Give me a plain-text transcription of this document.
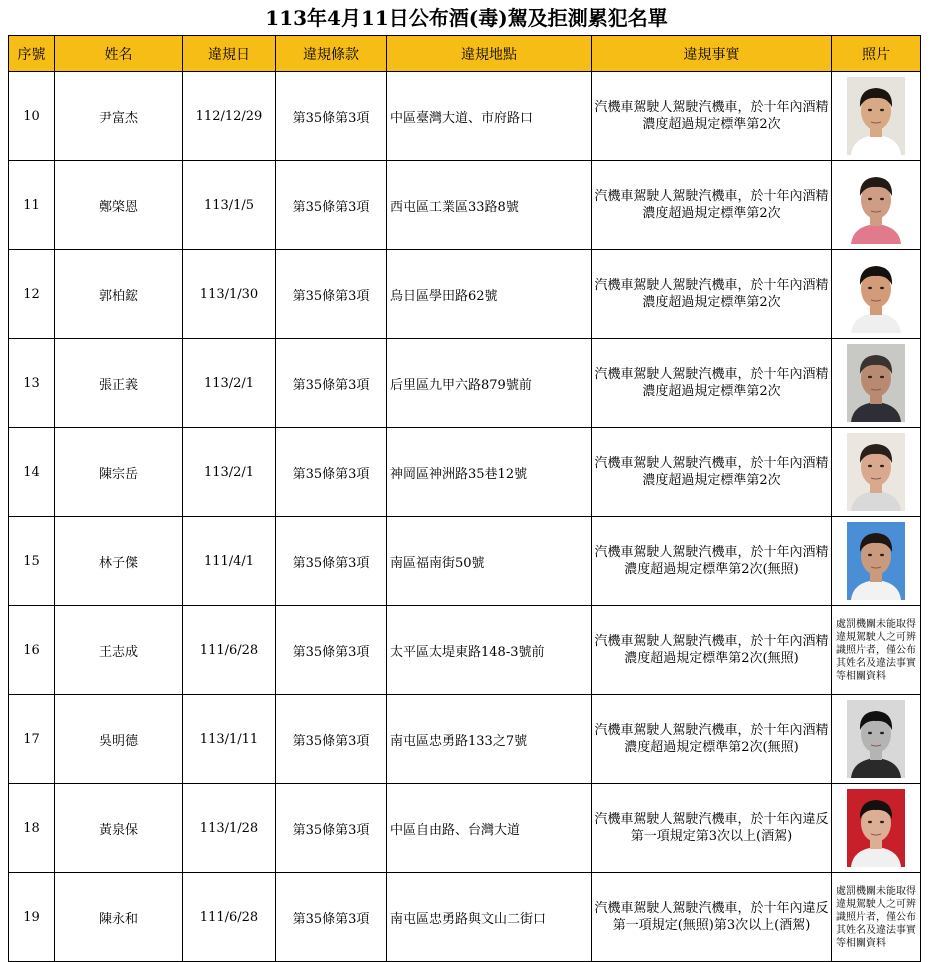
113年4月11日公布酒(毒)駕及拒測累犯名單
序號	姓名	違規日	違規條款	違規地點	違規事實	照片
10	尹富杰	112/12/29	第35條第3項	中區臺灣大道、市府路口	汽機車駕駛人駕駛汽機車，於十年內酒精濃度超過規定標準第2次	

11	鄭棨恩	113/1/5	第35條第3項	西屯區工業區33路8號	汽機車駕駛人駕駛汽機車，於十年內酒精濃度超過規定標準第2次	

12	郭柏鋐	113/1/30	第35條第3項	烏日區學田路62號	汽機車駕駛人駕駛汽機車，於十年內酒精濃度超過規定標準第2次	

13	張正義	113/2/1	第35條第3項	后里區九甲六路879號前	汽機車駕駛人駕駛汽機車，於十年內酒精濃度超過規定標準第2次	

14	陳宗岳	113/2/1	第35條第3項	神岡區神洲路35巷12號	汽機車駕駛人駕駛汽機車，於十年內酒精濃度超過規定標準第2次	

15	林子傑	111/4/1	第35條第3項	南區福南街50號	汽機車駕駛人駕駛汽機車，於十年內酒精濃度超過規定標準第2次(無照)	

16	王志成	111/6/28	第35條第3項	太平區太堤東路148-3號前	汽機車駕駛人駕駛汽機車，於十年內酒精濃度超過規定標準第2次(無照)	處罰機關未能取得違規駕駛人之可辨識照片者，僅公布 其姓名及違法事實等相關資料

17	吳明德	113/1/11	第35條第3項	南屯區忠勇路133之7號	汽機車駕駛人駕駛汽機車，於十年內酒精濃度超過規定標準第2次(無照)	

18	黃泉保	113/1/28	第35條第3項	中區自由路、台灣大道	汽機車駕駛人駕駛汽機車，於十年內違反第一項規定第3次以上(酒駕)	

19	陳永和	111/6/28	第35條第3項	南屯區忠勇路與文山二街口	汽機車駕駛人駕駛汽機車，於十年內違反第一項規定(無照)第3次以上(酒駕)	處罰機關未能取得違規駕駛人之可辨識照片者，僅公布 其姓名及違法事實等相關資料
